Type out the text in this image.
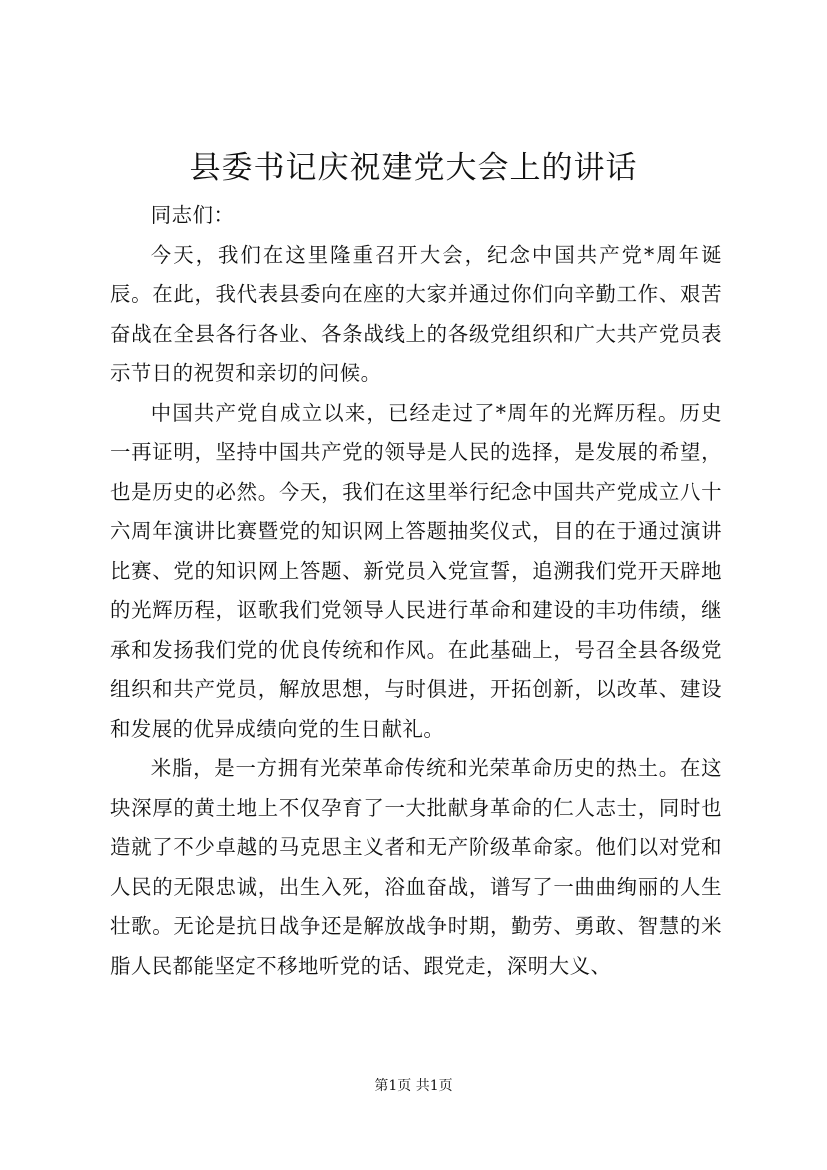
县委书记庆祝建党大会上的讲话

同志们：

今天，我们在这里隆重召开大会，纪念中国共产党*周年诞辰。在此，我代表县委向在座的大家并通过你们向辛勤工作、艰苦奋战在全县各行各业、各条战线上的各级党组织和广大共产党员表示节日的祝贺和亲切的问候。

中国共产党自成立以来，已经走过了*周年的光辉历程。历史一再证明，坚持中国共产党的领导是人民的选择，是发展的希望，也是历史的必然。今天，我们在这里举行纪念中国共产党成立八十六周年演讲比赛暨党的知识网上答题抽奖仪式，目的在于通过演讲比赛、党的知识网上答题、新党员入党宣誓，追溯我们党开天辟地的光辉历程，讴歌我们党领导人民进行革命和建设的丰功伟绩，继承和发扬我们党的优良传统和作风。在此基础上，号召全县各级党组织和共产党员，解放思想，与时俱进，开拓创新，以改革、建设和发展的优异成绩向党的生日献礼。

米脂，是一方拥有光荣革命传统和光荣革命历史的热土。在这块深厚的黄土地上不仅孕育了一大批献身革命的仁人志士，同时也造就了不少卓越的马克思主义者和无产阶级革命家。他们以对党和人民的无限忠诚，出生入死，浴血奋战，谱写了一曲曲绚丽的人生壮歌。无论是抗日战争还是解放战争时期，勤劳、勇敢、智慧的米脂人民都能坚定不移地听党的话、跟党走，深明大义、

第1页 共1页
